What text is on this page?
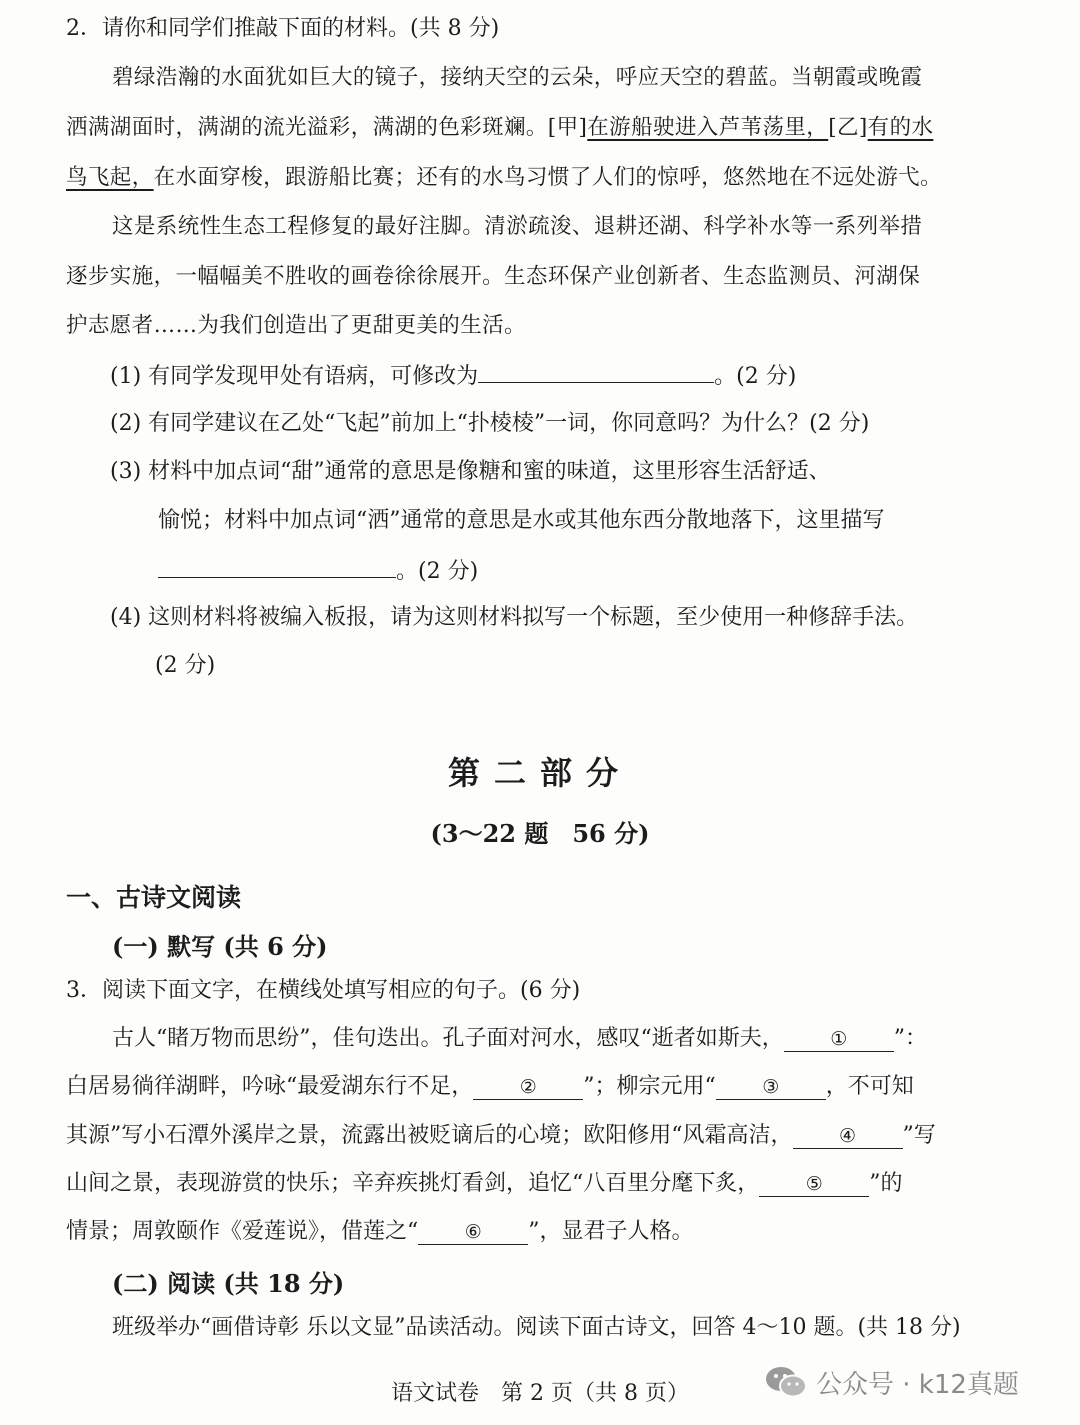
2．请你和同学们推敲下面的材料。(共 8 分)
碧绿浩瀚的水面犹如巨大的镜子，接纳天空的云朵，呼应天空的碧蓝。当朝霞或晚霞
洒满湖面时，满湖的流光溢彩，满湖的色彩斑斓。[甲]在游船驶进入芦苇荡里，[乙]有的水
鸟飞起，在水面穿梭，跟游船比赛；还有的水鸟习惯了人们的惊呼，悠然地在不远处游弋。
这是系统性生态工程修复的最好注脚。清淤疏浚、退耕还湖、科学补水等一系列举措
逐步实施，一幅幅美不胜收的画卷徐徐展开。生态环保产业创新者、生态监测员、河湖保
护志愿者……为我们创造出了更甜更美的生活。
(1) 有同学发现甲处有语病，可修改为	。(2 分)
(2) 有同学建议在乙处“飞起”前加上“扑棱棱”一词，你同意吗？为什么？(2 分)
(3) 材料中加点词“甜”通常的意思是像糖和蜜的味道，这里形容生活舒适、
愉悦；材料中加点词“洒”通常的意思是水或其他东西分散地落下，这里描写
。(2 分)
(4) 这则材料将被编入板报，请为这则材料拟写一个标题，至少使用一种修辞手法。
(2 分)
第二部分
(3～22 题　56 分)
一、古诗文阅读
(一) 默写 (共 6 分)
3．阅读下面文字，在横线处填写相应的句子。(6 分)
古人“睹万物而思纷”，佳句迭出。孔子面对河水，感叹“逝者如斯夫， ① ”：
白居易徜徉湖畔，吟咏“最爱湖东行不足， ② ”；柳宗元用“ ③ ，不可知
其源”写小石潭外溪岸之景，流露出被贬谪后的心境；欧阳修用“风霜高洁， ④ ”写
山间之景，表现游赏的快乐；辛弃疾挑灯看剑，追忆“八百里分麾下炙， ⑤ ”的
情景；周敦颐作《爱莲说》，借莲之“ ⑥ ”，显君子人格。
(二) 阅读 (共 18 分)
班级举办“画借诗彰 乐以文显”品读活动。阅读下面古诗文，回答 4～10 题。(共 18 分)
语文试卷　第 2 页（共 8 页）	公众号 · k12真题
